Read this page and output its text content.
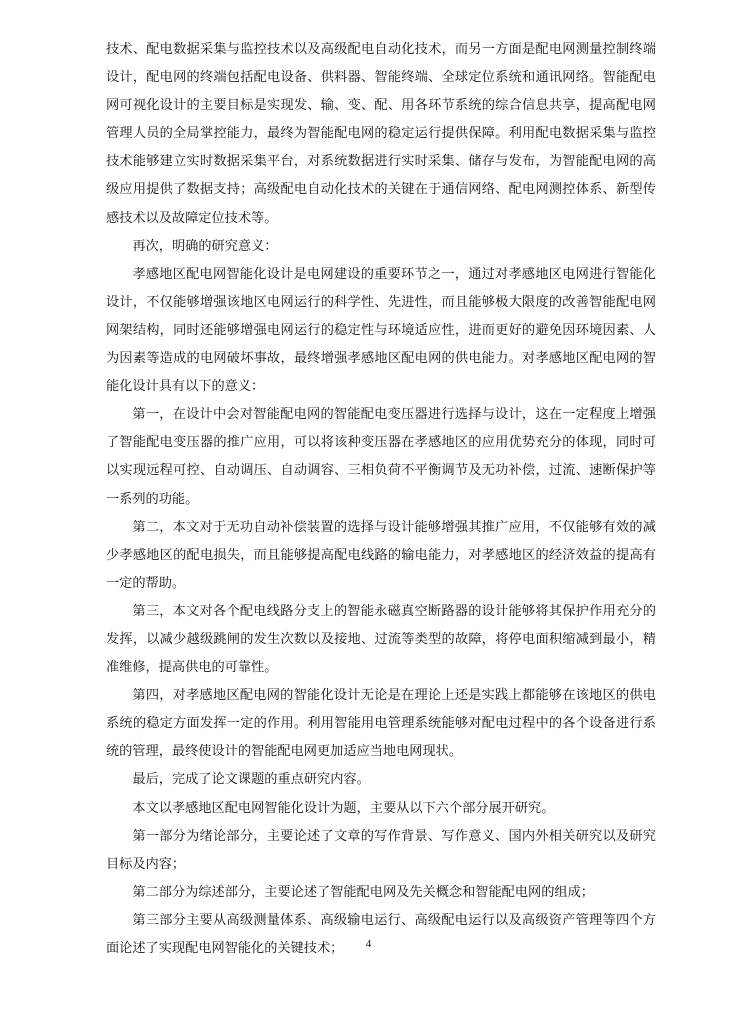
技术、配电数据采集与监控技术以及高级配电自动化技术，而另一方面是配电网测量控制终端设计，配电网的终端包括配电设备、供料器、智能终端、全球定位系统和通讯网络。智能配电网可视化设计的主要目标是实现发、输、变、配、用各环节系统的综合信息共享，提高配电网管理人员的全局掌控能力，最终为智能配电网的稳定运行提供保障。利用配电数据采集与监控技术能够建立实时数据采集平台，对系统数据进行实时采集、储存与发布，为智能配电网的高级应用提供了数据支持；高级配电自动化技术的关键在于通信网络、配电网测控体系、新型传感技术以及故障定位技术等。

再次，明确的研究意义：

孝感地区配电网智能化设计是电网建设的重要环节之一，通过对孝感地区电网进行智能化设计，不仅能够增强该地区电网运行的科学性、先进性，而且能够极大限度的改善智能配电网网架结构，同时还能够增强电网运行的稳定性与环境适应性，进而更好的避免因环境因素、人为因素等造成的电网破坏事故，最终增强孝感地区配电网的供电能力。对孝感地区配电网的智能化设计具有以下的意义：

第一，在设计中会对智能配电网的智能配电变压器进行选择与设计，这在一定程度上增强了智能配电变压器的推广应用，可以将该种变压器在孝感地区的应用优势充分的体现，同时可以实现远程可控、自动调压、自动调容、三相负荷不平衡调节及无功补偿，过流、速断保护等一系列的功能。

第二，本文对于无功自动补偿装置的选择与设计能够增强其推广应用，不仅能够有效的减少孝感地区的配电损失，而且能够提高配电线路的输电能力，对孝感地区的经济效益的提高有一定的帮助。

第三，本文对各个配电线路分支上的智能永磁真空断路器的设计能够将其保护作用充分的发挥，以减少越级跳闸的发生次数以及接地、过流等类型的故障，将停电面积缩减到最小，精准维修，提高供电的可靠性。

第四，对孝感地区配电网的智能化设计无论是在理论上还是实践上都能够在该地区的供电系统的稳定方面发挥一定的作用。利用智能用电管理系统能够对配电过程中的各个设备进行系统的管理，最终使设计的智能配电网更加适应当地电网现状。

最后，完成了论文课题的重点研究内容。

本文以孝感地区配电网智能化设计为题，主要从以下六个部分展开研究。

第一部分为绪论部分，主要论述了文章的写作背景、写作意义、国内外相关研究以及研究目标及内容；

第二部分为综述部分，主要论述了智能配电网及先关概念和智能配电网的组成；

第三部分主要从高级测量体系、高级输电运行、高级配电运行以及高级资产管理等四个方面论述了实现配电网智能化的关键技术；	4
